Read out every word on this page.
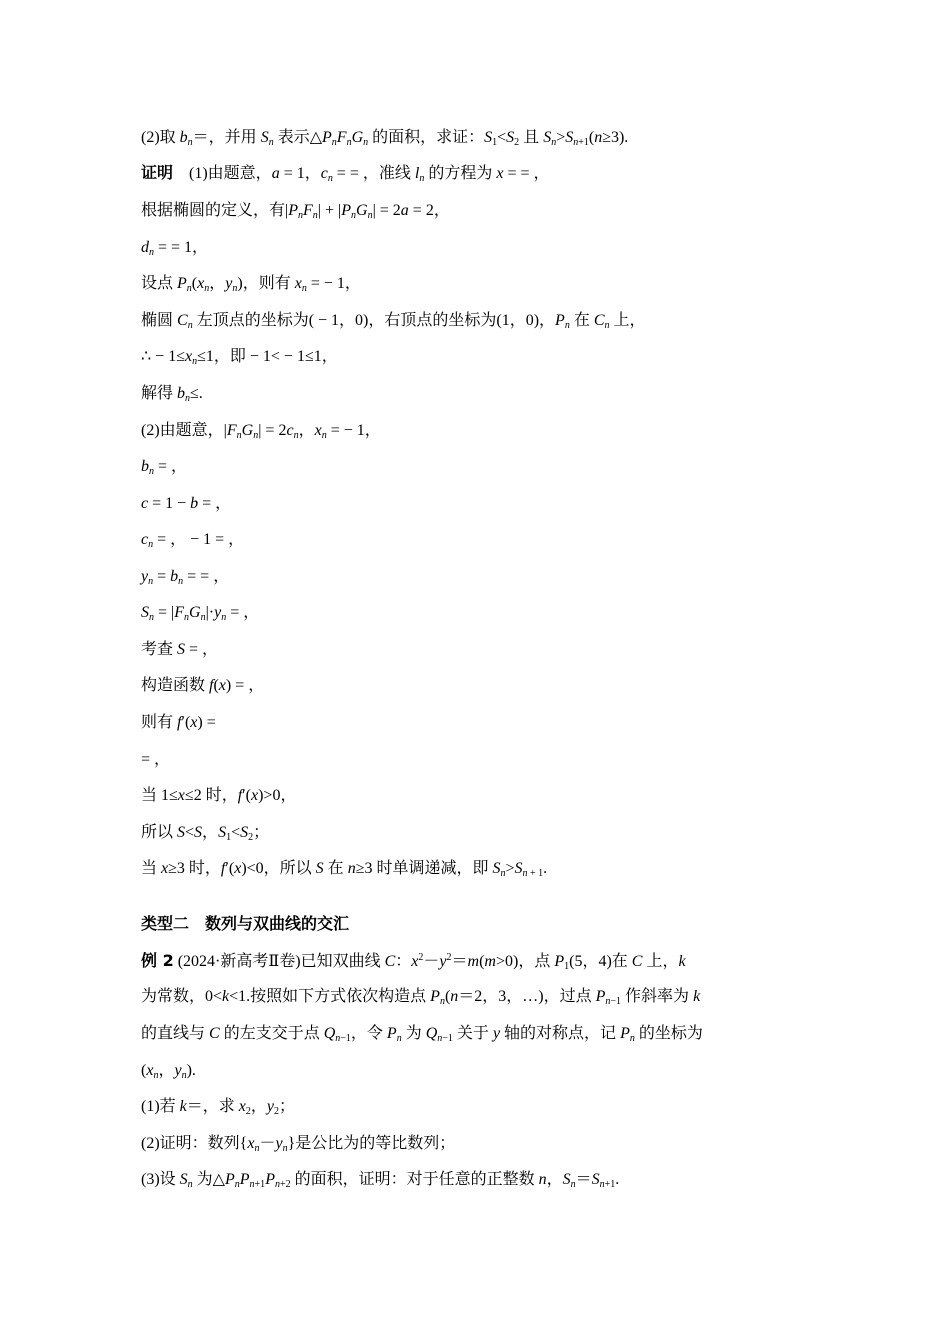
(2)取 $b_n=$，并用 $S_n$ 表示$\triangle P_nF_nG_n$ 的面积，求证：$S_1<S_2$ 且 $S_n>S_{n+1}(n\ge 3)$.
证明 (1)由题意，a = 1，$c_n$ = = ，准线 $l_n$ 的方程为 x = = ，
根据椭圆的定义，有$|P_nF_n| + |P_nG_n| = 2a = 2$，
$d_n$ = = 1，
设点 $P_n(x_n$，$y_n$)，则有 $x_n$ = − 1，
椭圆 $C_n$ 左顶点的坐标为( − 1，0)，右顶点的坐标为(1，0)，$P_n$ 在 $C_n$ 上，
∴ − $1\le x_n\le 1$，即 − 1< − 1≤1，
解得 $b_n\le$.
(2)由题意，$|F_nG_n| = 2c_n$，$x_n$ = − 1，
$b_n$ = ，
c = 1 − b = ，
$c_n$ = ， − 1 = ，
$y_n = b_n$ = = ，
$S_n = |F_nG_n|\cdot y_n$ = ，
考查 S = ，
构造函数 f(x) = ，
则有 f′(x) =
= ，
当 1≤x≤2 时，f′(x)>0，
所以 S<S，$S_1<S_2$；
当 x≥3 时，f′(x)<0，所以 S 在 n≥3 时单调递减，即 $S_n>S_{n + 1}$.
类型二 数列与双曲线的交汇
例 2 (2024·新高考Ⅱ卷)已知双曲线 C：$x^2-y^2=m(m>0)$，点 $P_1(5$，4)在 C 上，k
为常数，0<k<1.按照如下方式依次构造点 $P_n(n=2$，3，…)，过点 $P_{n-1}$ 作斜率为 k
的直线与 C 的左支交于点 $Q_{n-1}$，令 $P_n$ 为 $Q_{n-1}$ 关于 y 轴的对称点，记 $P_n$ 的坐标为
($x_n$，$y_n$).
(1)若 k＝，求 $x_2$，$y_2$；
(2)证明：数列$\{x_n-y_n\}$是公比为的等比数列；
(3)设 $S_n$ 为$\triangle P_nP_{n+1}P_{n+2}$ 的面积，证明：对于任意的正整数 n，$S_n=S_{n+1}$.
